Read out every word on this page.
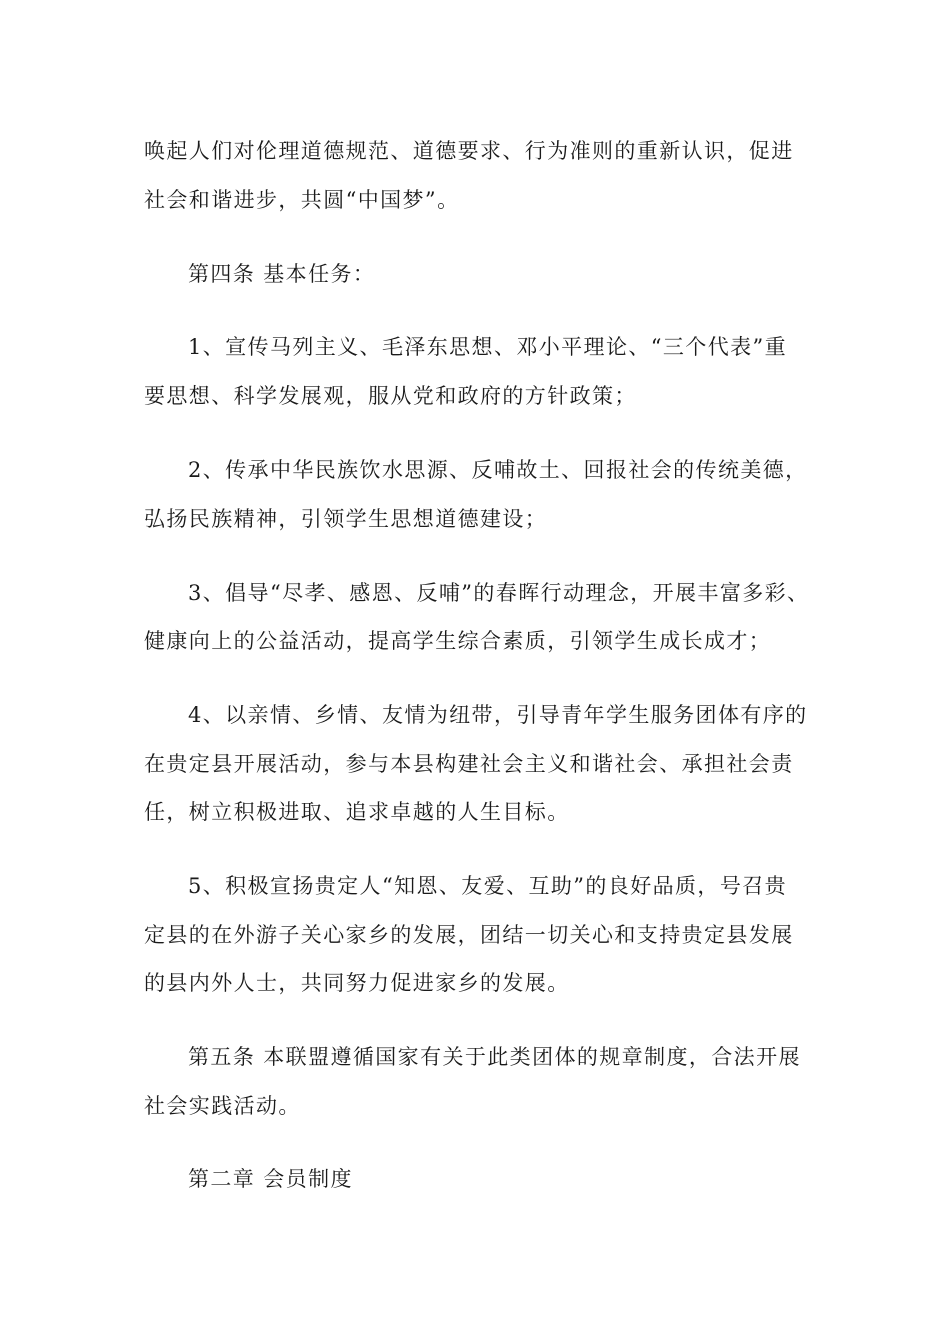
唤起人们对伦理道德规范、道德要求、行为准则的重新认识，促进
社会和谐进步，共圆“中国梦”。
第四条 基本任务：
1、宣传马列主义、毛泽东思想、邓小平理论、“三个代表”重
要思想、科学发展观，服从党和政府的方针政策；
2、传承中华民族饮水思源、反哺故土、回报社会的传统美德，
弘扬民族精神，引领学生思想道德建设；
3、倡导“尽孝、感恩、反哺”的春晖行动理念，开展丰富多彩、
健康向上的公益活动，提高学生综合素质，引领学生成长成才；
4、以亲情、乡情、友情为纽带，引导青年学生服务团体有序的
在贵定县开展活动，参与本县构建社会主义和谐社会、承担社会责
任，树立积极进取、追求卓越的人生目标。
5、积极宣扬贵定人“知恩、友爱、互助”的良好品质，号召贵
定县的在外游子关心家乡的发展，团结一切关心和支持贵定县发展
的县内外人士，共同努力促进家乡的发展。
第五条 本联盟遵循国家有关于此类团体的规章制度，合法开展
社会实践活动。
第二章 会员制度
